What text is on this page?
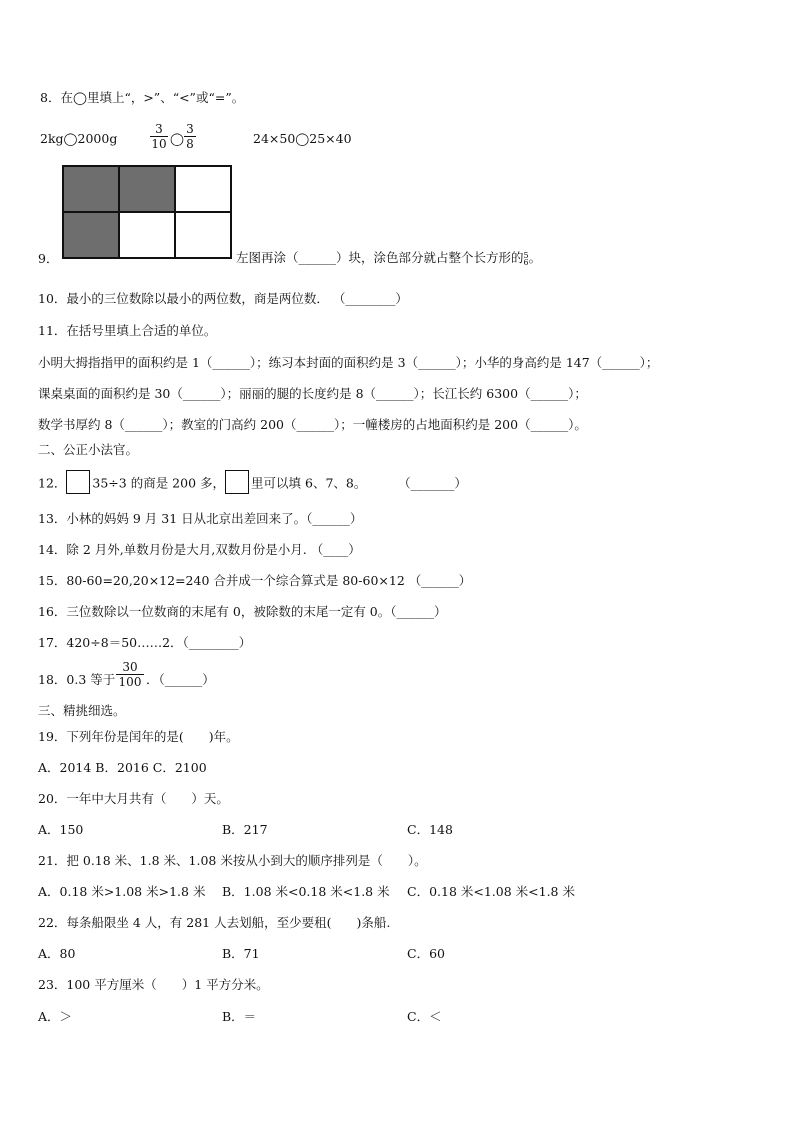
8．在◯里填上“，>”、“<”或“=”。
2kg◯2000g
3
10 ◯
3
8	24×50◯25×40
9．	左图再涂（______）块，涂色部分就占整个长方形的 5
6 。
10．最小的三位数除以最小的两位数，商是两位数． （________）
11．在括号里填上合适的单位。
小明大拇指指甲的面积约是 1（______）；练习本封面的面积约是 3（______）；小华的身高约是 147（______）；
课桌桌面的面积约是 30（______）；丽丽的腿的长度约是 8（______）；长江长约 6300（______）；
数学书厚约 8（______）；教室的门高约 200（______）；一幢楼房的占地面积约是 200（______）。
二、公正小法官。
12． 35÷3 的商是 200 多， 里可以填 6、7、8。        （_______）
13．小林的妈妈 9 月 31 日从北京出差回来了。（______）
14．除 2 月外,单数月份是大月,双数月份是小月. （____）
15．80-60=20,20×12=240 合并成一个综合算式是 80-60×12 （______）
16．三位数除以一位数商的末尾有 0，被除数的末尾一定有 0。（______）
17．420÷8＝50……2．（________）
18．0.3 等于
30
100 ．（______）
三、精挑细选。
19．下列年份是闰年的是(　　)年。
A．2014 B．2016 C．2100
20．一年中大月共有（　　）天。
A．150	B．217	C．148
21．把 0.18 米、1.8 米、1.08 米按从小到大的顺序排列是（　　）。
A．0.18 米>1.08 米>1.8 米 B．1.08 米<0.18 米<1.8 米 C．0.18 米<1.08 米<1.8 米
22．每条船限坐 4 人，有 281 人去划船，至少要租(　　)条船.
A．80	B．71	C．60
23．100 平方厘米（　　）1 平方分米。
A．＞	B．＝	C．＜
